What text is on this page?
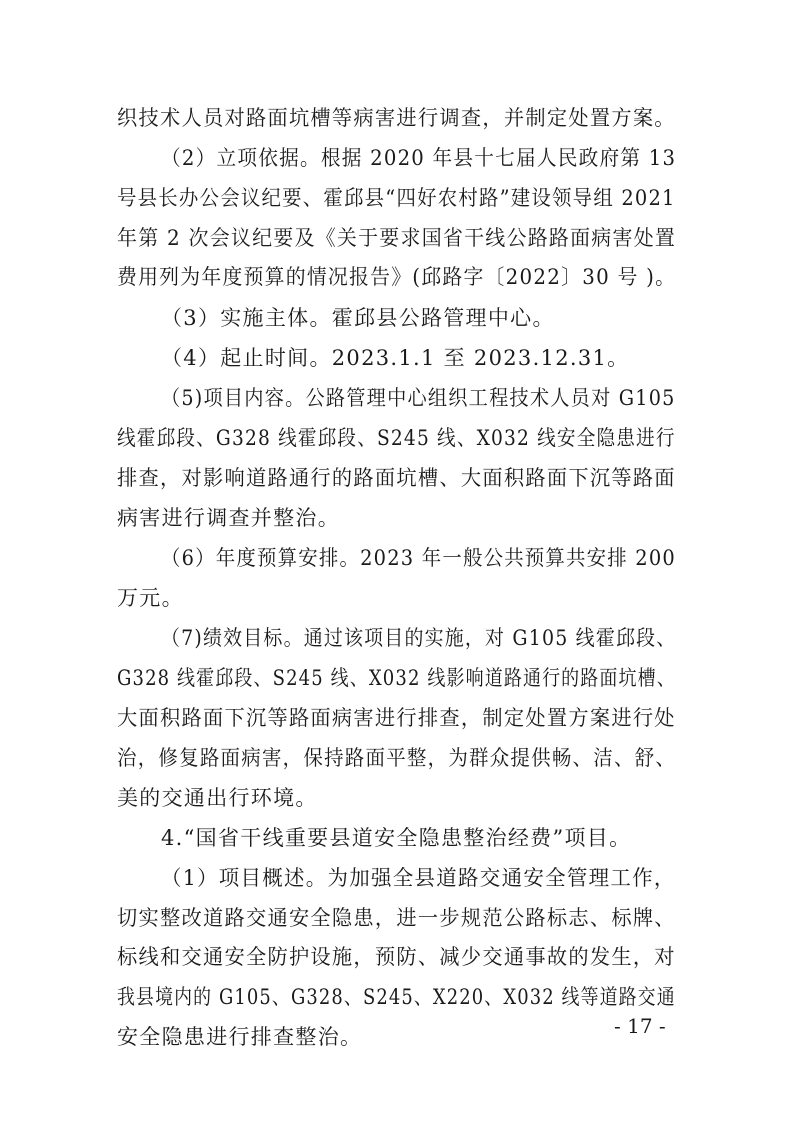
织技术人员对路面坑槽等病害进行调查，并制定处置方案。
（2）立项依据。根据 2020 年县十七届人民政府第 13
号县长办公会议纪要、霍邱县“四好农村路”建设领导组 2021
年第 2 次会议纪要及《关于要求国省干线公路路面病害处置
费用列为年度预算的情况报告》(邱路字〔2022〕30 号 )。
（3）实施主体。霍邱县公路管理中心。
（4）起止时间。2023.1.1 至 2023.12.31。
（5)项目内容。公路管理中心组织工程技术人员对 G105
线霍邱段、G328 线霍邱段、S245 线、X032 线安全隐患进行
排查，对影响道路通行的路面坑槽、大面积路面下沉等路面
病害进行调查并整治。
（6）年度预算安排。2023 年一般公共预算共安排 200
万元。
（7)绩效目标。通过该项目的实施，对 G105 线霍邱段、
G328 线霍邱段、S245 线、X032 线影响道路通行的路面坑槽、
大面积路面下沉等路面病害进行排查，制定处置方案进行处
治，修复路面病害，保持路面平整，为群众提供畅、洁、舒、
美的交通出行环境。
4.“国省干线重要县道安全隐患整治经费”项目。
（1）项目概述。为加强全县道路交通安全管理工作，
切实整改道路交通安全隐患，进一步规范公路标志、标牌、
标线和交通安全防护设施，预防、减少交通事故的发生，对
我县境内的 G105、G328、S245、X220、X032 线等道路交通
安全隐患进行排查整治。	- 17 -
